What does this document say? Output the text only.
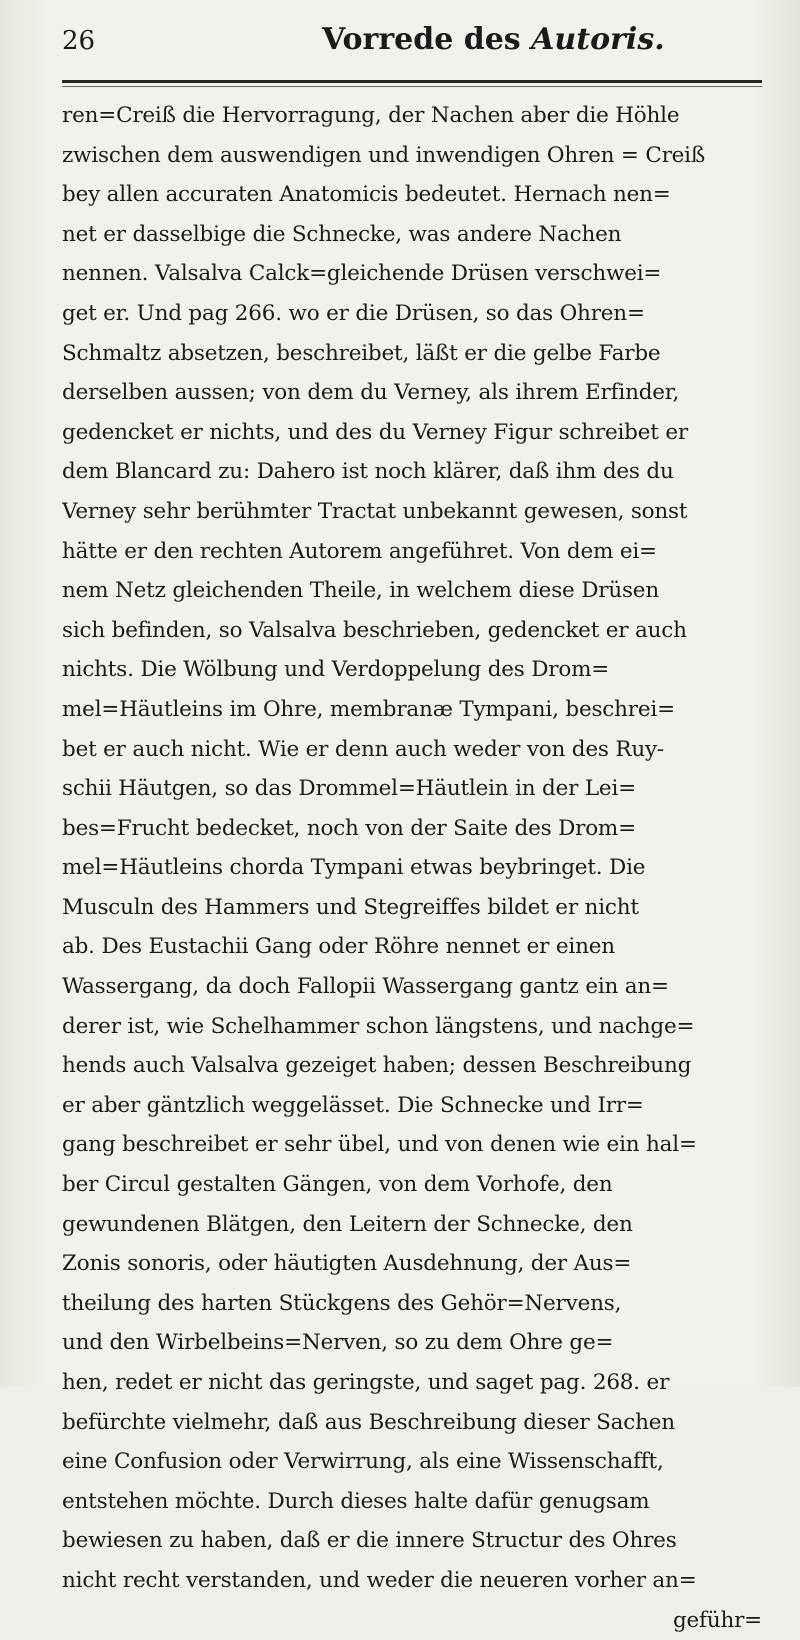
26	Vorrede des Autoris.
ren=Creiß die Hervorragung, der Nachen aber die Höhle
zwischen dem auswendigen und inwendigen Ohren = Creiß
bey allen accuraten Anatomicis bedeutet. Hernach nen=
net er dasselbige die Schnecke, was andere Nachen
nennen. Valsalva Calck=gleichende Drüsen verschwei=
get er. Und pag 266. wo er die Drüsen, so das Ohren=
Schmaltz absetzen, beschreibet, läßt er die gelbe Farbe
derselben aussen; von dem du Verney, als ihrem Erfinder,
gedencket er nichts, und des du Verney Figur schreibet er
dem Blancard zu: Dahero ist noch klärer, daß ihm des du
Verney sehr berühmter Tractat unbekannt gewesen, sonst
hätte er den rechten Autorem angeführet. Von dem ei=
nem Netz gleichenden Theile, in welchem diese Drüsen
sich befinden, so Valsalva beschrieben, gedencket er auch
nichts. Die Wölbung und Verdoppelung des Drom=
mel=Häutleins im Ohre, membranæ Tympani, beschrei=
bet er auch nicht. Wie er denn auch weder von des Ruy-
schii Häutgen, so das Drommel=Häutlein in der Lei=
bes=Frucht bedecket, noch von der Saite des Drom=
mel=Häutleins chorda Tympani etwas beybringet. Die
Musculn des Hammers und Stegreiffes bildet er nicht
ab. Des Eustachii Gang oder Röhre nennet er einen
Wassergang, da doch Fallopii Wassergang gantz ein an=
derer ist, wie Schelhammer schon längstens, und nachge=
hends auch Valsalva gezeiget haben; dessen Beschreibung
er aber gäntzlich weggelässet. Die Schnecke und Irr=
gang beschreibet er sehr übel, und von denen wie ein hal=
ber Circul gestalten Gängen, von dem Vorhofe, den
gewundenen Blätgen, den Leitern der Schnecke, den
Zonis sonoris, oder häutigten Ausdehnung, der Aus=
theilung des harten Stückgens des Gehör=Nervens,
und den Wirbelbeins=Nerven, so zu dem Ohre ge=
hen, redet er nicht das geringste, und saget pag. 268. er
befürchte vielmehr, daß aus Beschreibung dieser Sachen
eine Confusion oder Verwirrung, als eine Wissenschafft,
entstehen möchte. Durch dieses halte dafür genugsam
bewiesen zu haben, daß er die innere Structur des Ohres
nicht recht verstanden, und weder die neueren vorher an=
geführ=
